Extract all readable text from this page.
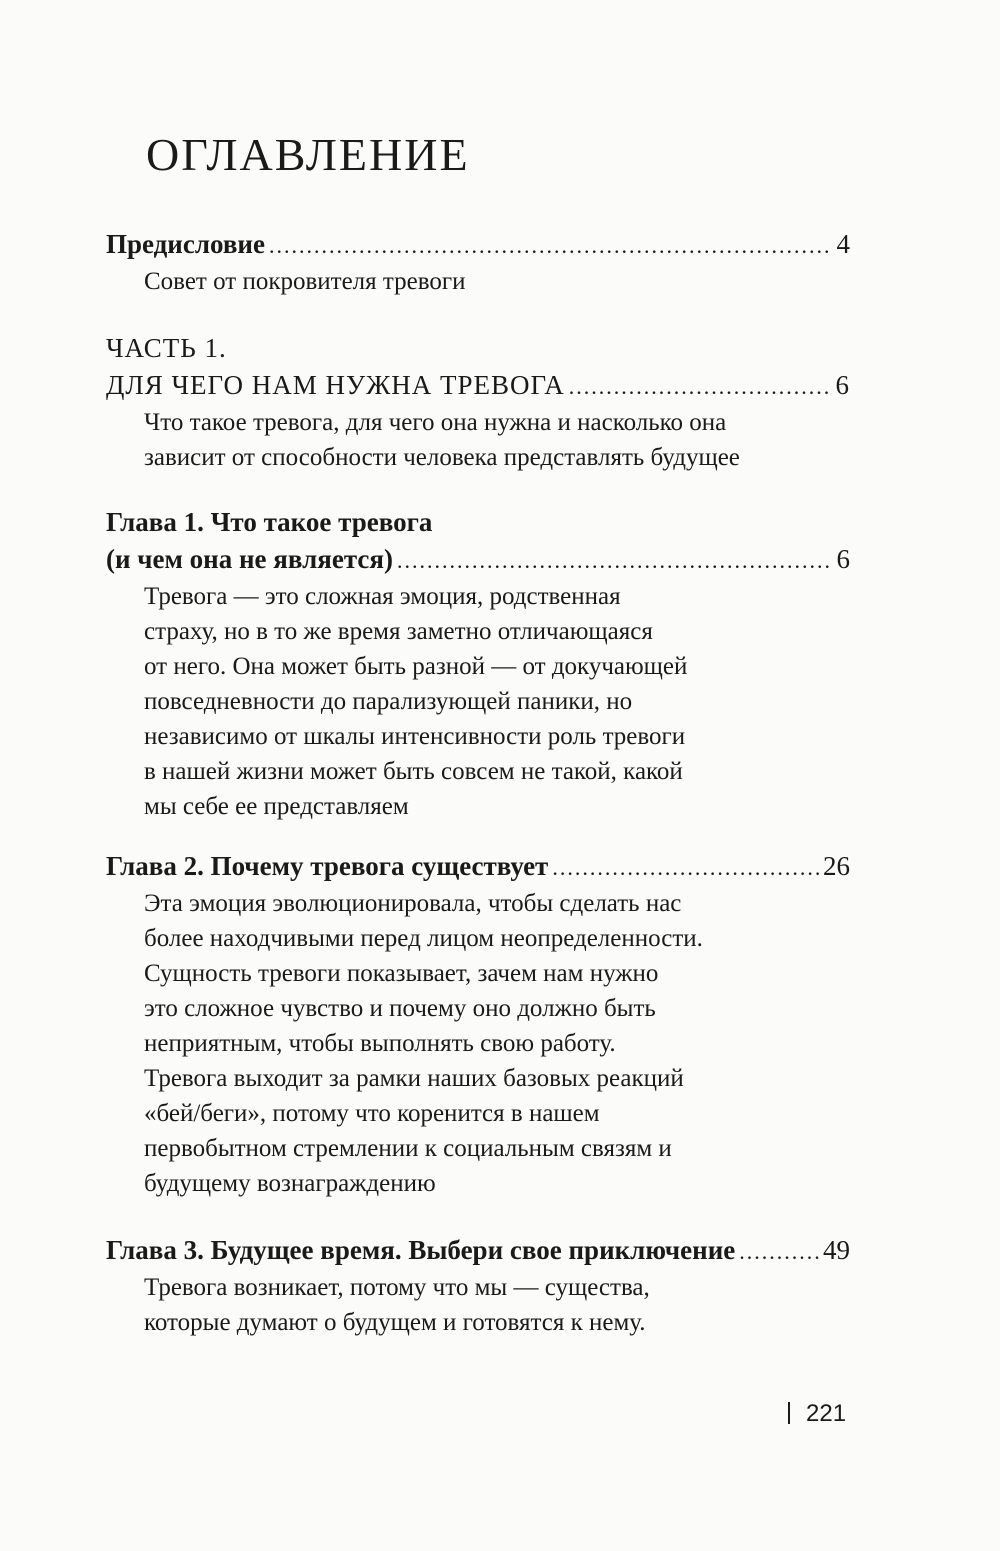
ОГЛАВЛЕНИЕ
Предисловие .....	4
Совет от покровителя тревоги
ЧАСТЬ 1.
ДЛЯ ЧЕГО НАМ НУЖНА ТРЕВОГА .....	6
Что такое тревога, для чего она нужна и насколько она
зависит от способности человека представлять будущее
Глава 1. Что такое тревога
(и чем она не является) .....	6
Тревога — это сложная эмоция, родственная
страху, но в то же время заметно отличающаяся
от него. Она может быть разной — от докучающей
повседневности до парализующей паники, но
независимо от шкалы интенсивности роль тревоги
в нашей жизни может быть совсем не такой, какой
мы себе ее представляем
Глава 2. Почему тревога существует .....	26
Эта эмоция эволюционировала, чтобы сделать нас
более находчивыми перед лицом неопределенности.
Сущность тревоги показывает, зачем нам нужно
это сложное чувство и почему оно должно быть
неприятным, чтобы выполнять свою работу.
Тревога выходит за рамки наших базовых реакций
«бей/беги», потому что коренится в нашем
первобытном стремлении к социальным связям и
будущему вознаграждению
Глава 3. Будущее время. Выбери свое приключение .....	49
Тревога возникает, потому что мы — существа,
которые думают о будущем и готовятся к нему.
221
